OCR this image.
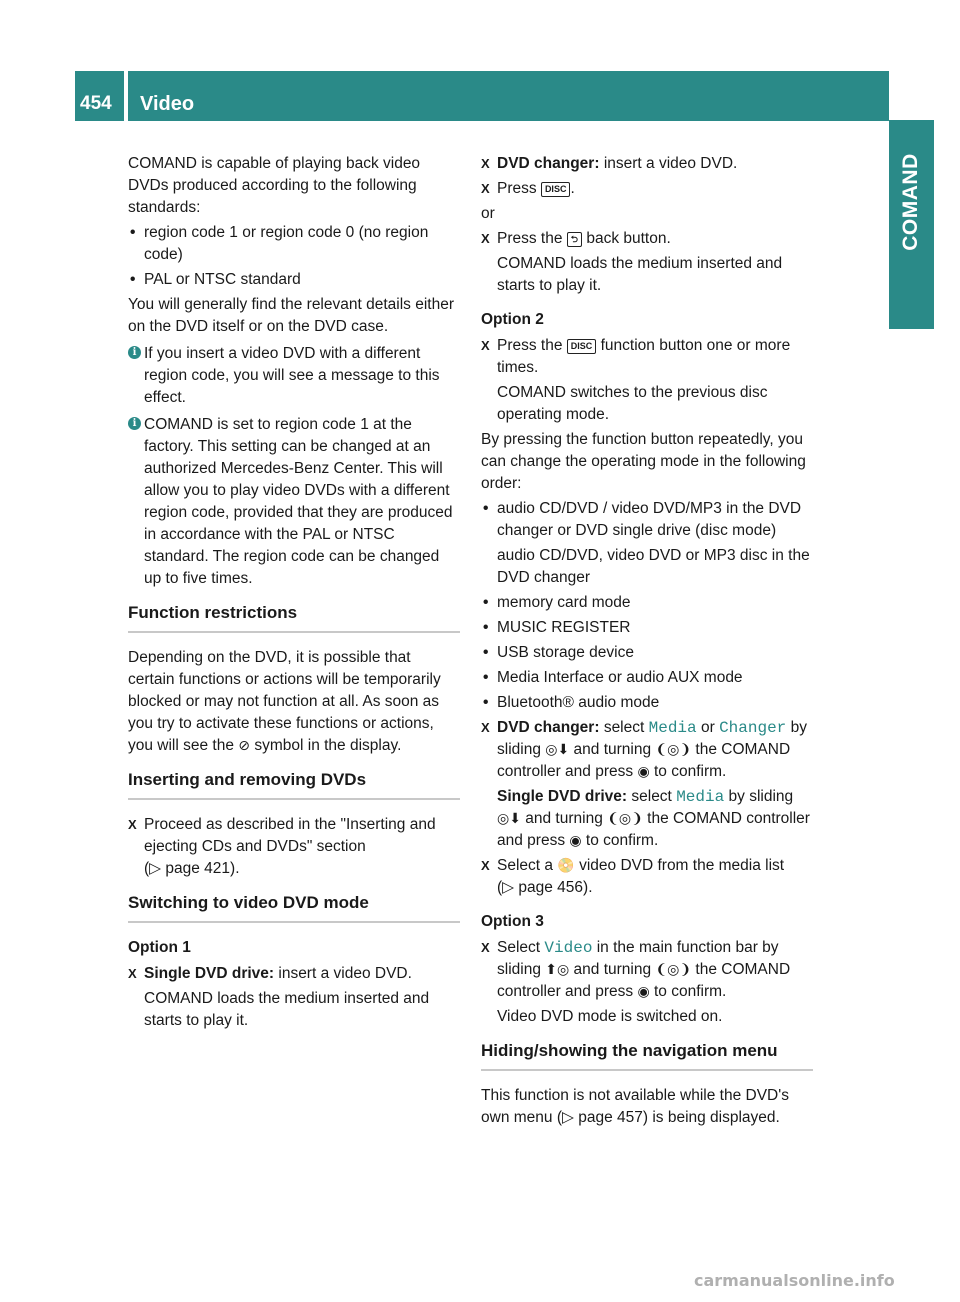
454 Video
COMAND

COMAND is capable of playing back video DVDs produced according to the following standards:

• region code 1 or region code 0 (no region code)
• PAL or NTSC standard

You will generally find the relevant details either on the DVD itself or on the DVD case.

i If you insert a video DVD with a different region code, you will see a message to this effect.
i COMAND is set to region code 1 at the factory. This setting can be changed at an authorized Mercedes-Benz Center. This will allow you to play video DVDs with a different region code, provided that they are produced in accordance with the PAL or NTSC standard. The region code can be changed up to five times.
Function restrictions

Depending on the DVD, it is possible that certain functions or actions will be temporarily blocked or may not function at all. As soon as you try to activate these functions or actions, you will see the ⊘ symbol in the display.

Inserting and removing DVDs
X Proceed as described in the "Inserting and ejecting CDs and DVDs" section
(▷ page 421).
Switching to video DVD mode
Option 1
X Single DVD drive: insert a video DVD.
COMAND loads the medium inserted and starts to play it.
X DVD changer: insert a video DVD.
X Press DISC .

or

X Press the ⮌ back button.
COMAND loads the medium inserted and starts to play it.
Option 2
X Press the DISC function button one or more times.
COMAND switches to the previous disc operating mode.

By pressing the function button repeatedly, you can change the operating mode in the following order:

• audio CD/DVD / video DVD/MP3 in the DVD changer or DVD single drive (disc mode)
audio CD/DVD, video DVD or MP3 disc in the DVD changer
• memory card mode
• MUSIC REGISTER
• USB storage device
• Media Interface or audio AUX mode
• Bluetooth® audio mode
X DVD changer: select Media or Changer by sliding ◎⬇ and turning ❨◎❩ the COMAND controller and press ◉ to confirm.
Single DVD drive: select Media by sliding ◎⬇ and turning ❨◎❩ the COMAND controller and press ◉ to confirm.
X Select a 📀 video DVD from the media list
(▷ page 456).
Option 3
X Select Video in the main function bar by sliding ⬆◎ and turning ❨◎❩ the COMAND controller and press ◉ to confirm.
Video DVD mode is switched on.
Hiding/showing the navigation menu

This function is not available while the DVD's own menu (▷ page 457) is being displayed.

carmanualsonline.info
